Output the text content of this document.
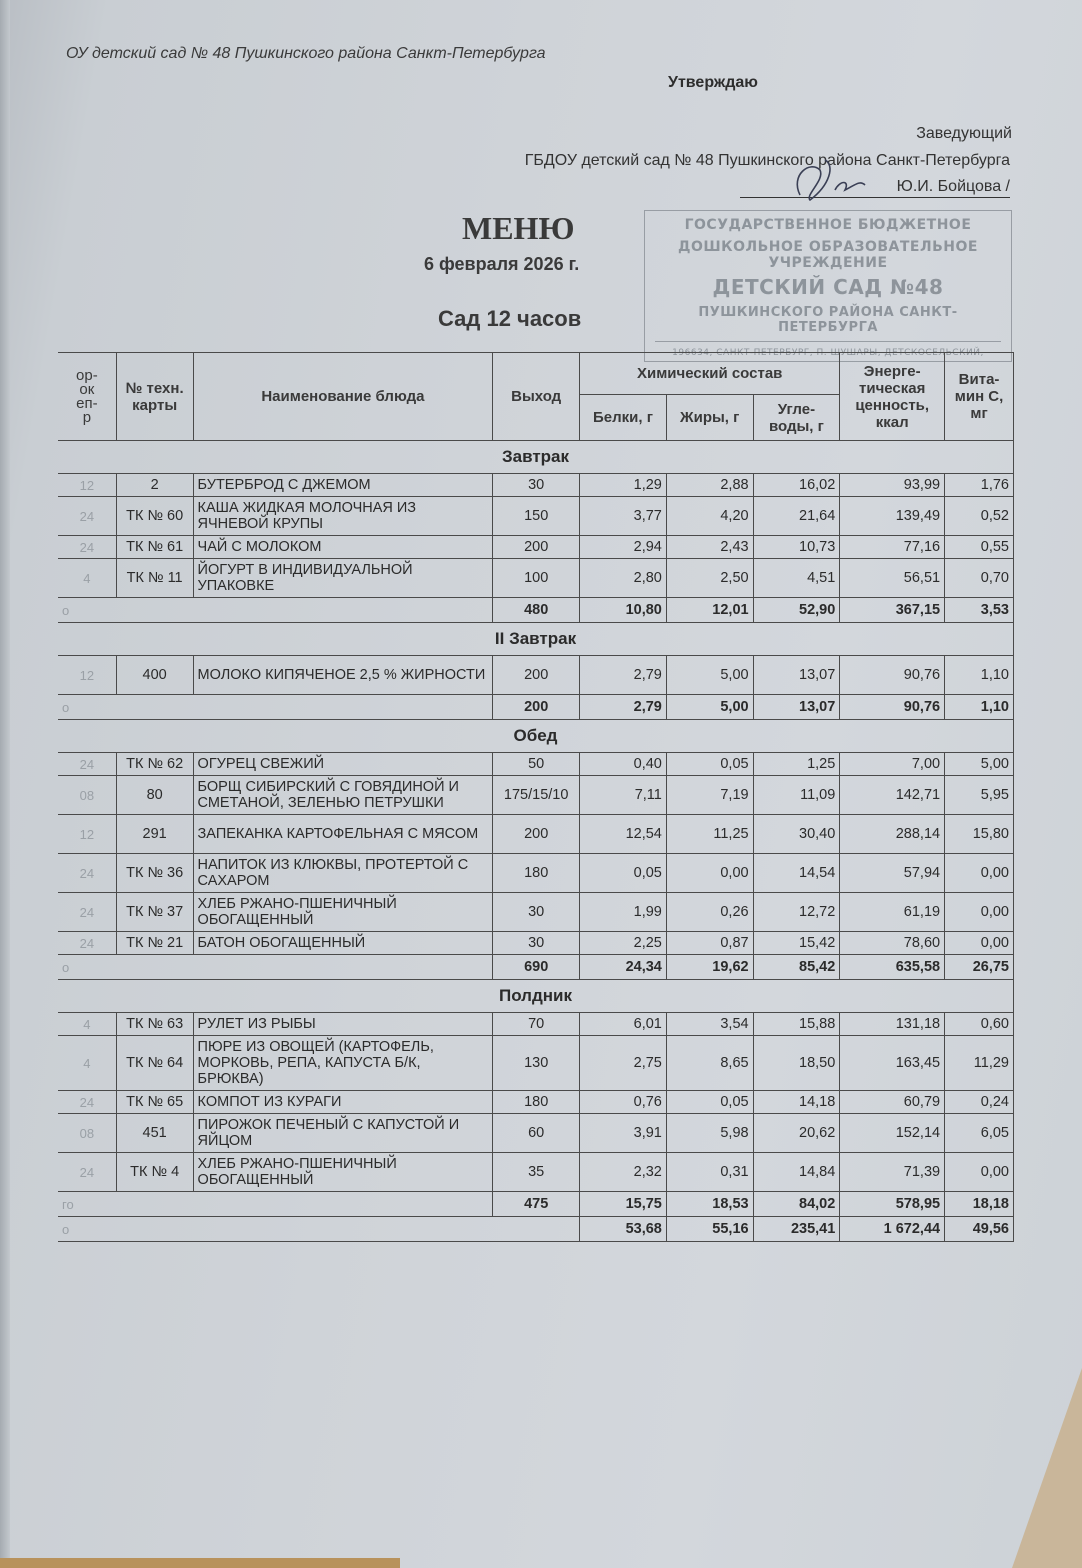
ОУ детский сад № 48 Пушкинского района Санкт-Петербурга
Утверждаю
Заведующий
ГБДОУ детский сад № 48 Пушкинского района Санкт-Петербурга
Ю.И. Бойцова /
ГОСУДАРСТВЕННОЕ БЮДЖЕТНОЕ
ДОШКОЛЬНОЕ ОБРАЗОВАТЕЛЬНОЕ УЧРЕЖДЕНИЕ
ДЕТСКИЙ САД №48
ПУШКИНСКОГО РАЙОНА САНКТ-ПЕТЕРБУРГА
196634, САНКТ-ПЕТЕРБУРГ, П. ШУШАРЫ, ДЕТСКОСЕЛЬСКИЙ,
МЕНЮ
6 февраля 2026 г.
Сад 12 часов
ор-
ок
еп-
р	№ техн. карты	Наименование блюда	Выход	Химический состав			Энерге-тическая ценность, ккал	Вита-мин С, мг
				Белки, г	Жиры, г	Угле-воды, г		
Завтрак								
12	2	БУТЕРБРОД С ДЖЕМОМ	30	1,29	2,88	16,02	93,99	1,76
24	ТК № 60	КАША ЖИДКАЯ МОЛОЧНАЯ ИЗ ЯЧНЕВОЙ КРУПЫ	150	3,77	4,20	21,64	139,49	0,52
24	ТК № 61	ЧАЙ С МОЛОКОМ	200	2,94	2,43	10,73	77,16	0,55
4	ТК № 11	ЙОГУРТ В ИНДИВИДУАЛЬНОЙ УПАКОВКЕ	100	2,80	2,50	4,51	56,51	0,70
о			480	10,80	12,01	52,90	367,15	3,53
II Завтрак								
12	400	МОЛОКО КИПЯЧЕНОЕ 2,5 % ЖИРНОСТИ	200	2,79	5,00	13,07	90,76	1,10
о			200	2,79	5,00	13,07	90,76	1,10
Обед								
24	ТК № 62	ОГУРЕЦ СВЕЖИЙ	50	0,40	0,05	1,25	7,00	5,00
08	80	БОРЩ СИБИРСКИЙ С ГОВЯДИНОЙ И СМЕТАНОЙ, ЗЕЛЕНЬЮ ПЕТРУШКИ	175/15/10	7,11	7,19	11,09	142,71	5,95
12	291	ЗАПЕКАНКА КАРТОФЕЛЬНАЯ С МЯСОМ	200	12,54	11,25	30,40	288,14	15,80
24	ТК № 36	НАПИТОК ИЗ КЛЮКВЫ, ПРОТЕРТОЙ С САХАРОМ	180	0,05	0,00	14,54	57,94	0,00
24	ТК № 37	ХЛЕБ РЖАНО-ПШЕНИЧНЫЙ ОБОГАЩЕННЫЙ	30	1,99	0,26	12,72	61,19	0,00
24	ТК № 21	БАТОН ОБОГАЩЕННЫЙ	30	2,25	0,87	15,42	78,60	0,00
о			690	24,34	19,62	85,42	635,58	26,75
Полдник								
4	ТК № 63	РУЛЕТ ИЗ РЫБЫ	70	6,01	3,54	15,88	131,18	0,60
4	ТК № 64	ПЮРЕ ИЗ ОВОЩЕЙ (КАРТОФЕЛЬ, МОРКОВЬ, РЕПА, КАПУСТА Б/К, БРЮКВА)	130	2,75	8,65	18,50	163,45	11,29
24	ТК № 65	КОМПОТ ИЗ КУРАГИ	180	0,76	0,05	14,18	60,79	0,24
08	451	ПИРОЖОК ПЕЧЕНЫЙ С КАПУСТОЙ И ЯЙЦОМ	60	3,91	5,98	20,62	152,14	6,05
24	ТК № 4	ХЛЕБ РЖАНО-ПШЕНИЧНЫЙ ОБОГАЩЕННЫЙ	35	2,32	0,31	14,84	71,39	0,00
го			475	15,75	18,53	84,02	578,95	18,18
о				53,68	55,16	235,41	1 672,44	49,56
